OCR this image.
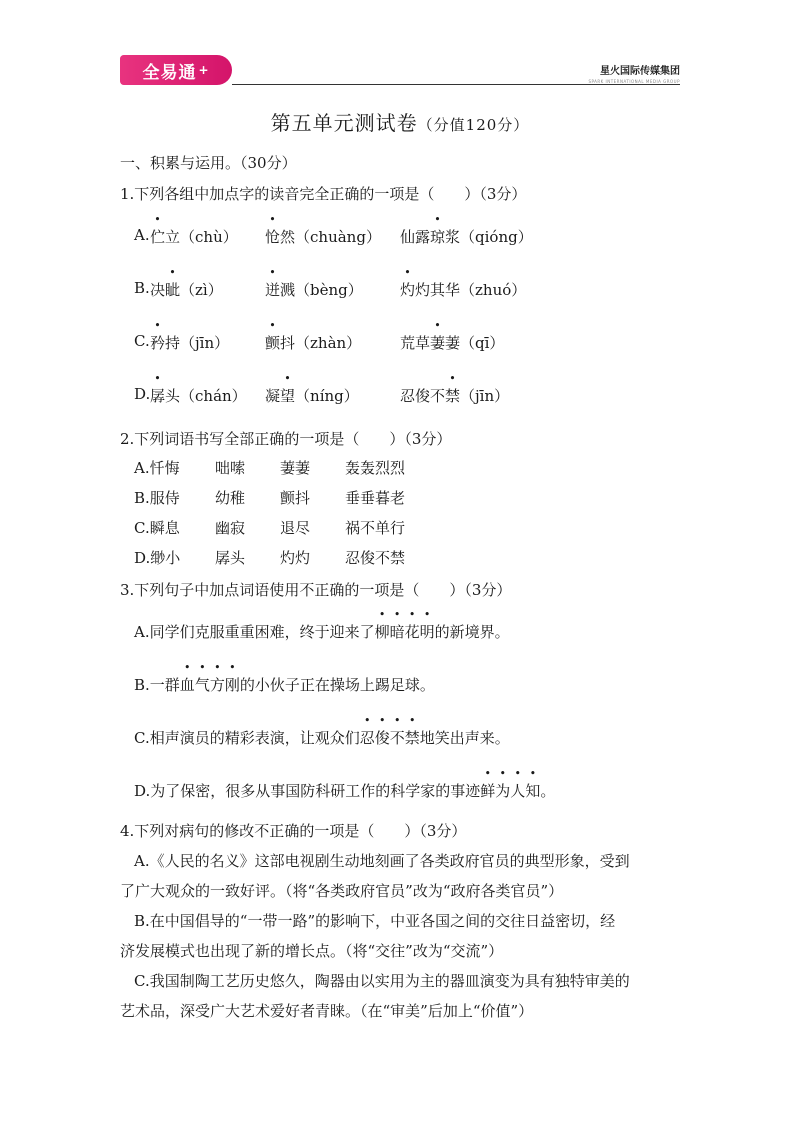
全易通 +	星火国际传媒集团
SPARK INTERNATIONAL MEDIA GROUP
第五单元测试卷（分值120分）
一、积累与运用。（30分）
1.下列各组中加点字的读音完全正确的一项是（　　）（3分）
A. 伫立（chù） 怆然（chuàng） 仙露琼浆（qióng）
B. 决眦（zì）	迸溅（bèng） 灼灼其华（zhuó）
C. 矜持（jīn） 颤抖（zhàn）	荒草萋萋（qī）
D. 孱头（chán） 凝望（níng）	忍俊不禁（jīn）
2.下列词语书写全部正确的一项是（　　）（3分）
A.忏悔 咄嗦 萋萋 轰轰烈烈
B.服侍 幼稚 颤抖 垂垂暮老
C.瞬息 幽寂 退尽 祸不单行
D.缈小 孱头 灼灼 忍俊不禁
3.下列句子中加点词语使用不正确的一项是（　　）（3分）
A.同学们克服重重困难，终于迎来了柳暗花明的新境界。
B.一群血气方刚的小伙子正在操场上踢足球。
C.相声演员的精彩表演，让观众们忍俊不禁地笑出声来。
D.为了保密，很多从事国防科研工作的科学家的事迹鲜为人知。
4.下列对病句的修改不正确的一项是（　　）（3分）
A.《人民的名义》这部电视剧生动地刻画了各类政府官员的典型形象，受到
了广大观众的一致好评。（将“各类政府官员”改为“政府各类官员”）
B.在中国倡导的“一带一路”的影响下，中亚各国之间的交往日益密切，经
济发展模式也出现了新的增长点。（将“交往”改为“交流”）
C.我国制陶工艺历史悠久，陶器由以实用为主的器皿演变为具有独特审美的
艺术品，深受广大艺术爱好者青睐。（在“审美”后加上“价值”）
